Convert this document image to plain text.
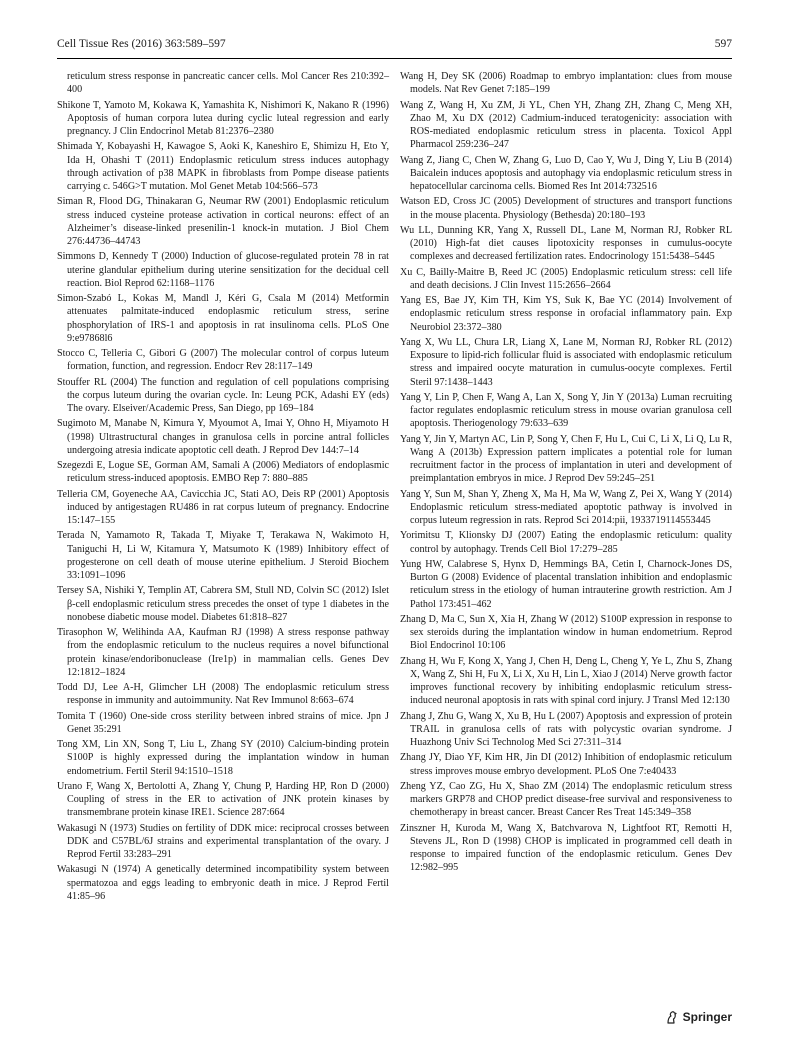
Cell Tissue Res (2016) 363:589–597	597

reticulum stress response in pancreatic cancer cells. Mol Cancer Res 210:392–400

Shikone T, Yamoto M, Kokawa K, Yamashita K, Nishimori K, Nakano R (1996) Apoptosis of human corpora lutea during cyclic luteal regression and early pregnancy. J Clin Endocrinol Metab 81:2376–2380

Shimada Y, Kobayashi H, Kawagoe S, Aoki K, Kaneshiro E, Shimizu H, Eto Y, Ida H, Ohashi T (2011) Endoplasmic reticulum stress induces autophagy through activation of p38 MAPK in fibroblasts from Pompe disease patients carrying c. 546G>T mutation. Mol Genet Metab 104:566–573

Siman R, Flood DG, Thinakaran G, Neumar RW (2001) Endoplasmic reticulum stress induced cysteine protease activation in cortical neurons: effect of an Alzheimer’s disease-linked presenilin-1 knock-in mutation. J Biol Chem 276:44736–44743

Simmons D, Kennedy T (2000) Induction of glucose-regulated protein 78 in rat uterine glandular epithelium during uterine sensitization for the decidual cell reaction. Biol Reprod 62:1168–1176

Simon-Szabó L, Kokas M, Mandl J, Kéri G, Csala M (2014) Metformin attenuates palmitate-induced endoplasmic reticulum stress, serine phosphorylation of IRS-1 and apoptosis in rat insulinoma cells. PLoS One 9:e97868l6

Stocco C, Telleria C, Gibori G (2007) The molecular control of corpus luteum formation, function, and regression. Endocr Rev 28:117–149

Stouffer RL (2004) The function and regulation of cell populations comprising the corpus luteum during the ovarian cycle. In: Leung PCK, Adashi EY (eds) The ovary. Elseiver/Academic Press, San Diego, pp 169–184

Sugimoto M, Manabe N, Kimura Y, Myoumot A, Imai Y, Ohno H, Miyamoto H (1998) Ultrastructural changes in granulosa cells in porcine antral follicles undergoing atresia indicate apoptotic cell death. J Reprod Dev 144:7–14

Szegezdi E, Logue SE, Gorman AM, Samali A (2006) Mediators of endoplasmic reticulum stress-induced apoptosis. EMBO Rep 7: 880–885

Telleria CM, Goyeneche AA, Cavicchia JC, Stati AO, Deis RP (2001) Apoptosis induced by antigestagen RU486 in rat corpus luteum of pregnancy. Endocrine 15:147–155

Terada N, Yamamoto R, Takada T, Miyake T, Terakawa N, Wakimoto H, Taniguchi H, Li W, Kitamura Y, Matsumoto K (1989) Inhibitory effect of progesterone on cell death of mouse uterine epithelium. J Steroid Biochem 33:1091–1096

Tersey SA, Nishiki Y, Templin AT, Cabrera SM, Stull ND, Colvin SC (2012) Islet β-cell endoplasmic reticulum stress precedes the onset of type 1 diabetes in the nonobese diabetic mouse model. Diabetes 61:818–827

Tirasophon W, Welihinda AA, Kaufman RJ (1998) A stress response pathway from the endoplasmic reticulum to the nucleus requires a novel bifunctional protein kinase/endoribonuclease (Ire1p) in mammalian cells. Genes Dev 12:1812–1824

Todd DJ, Lee A-H, Glimcher LH (2008) The endoplasmic reticulum stress response in immunity and autoimmunity. Nat Rev Immunol 8:663–674

Tomita T (1960) One-side cross sterility between inbred strains of mice. Jpn J Genet 35:291

Tong XM, Lin XN, Song T, Liu L, Zhang SY (2010) Calcium-binding protein S100P is highly expressed during the implantation window in human endometrium. Fertil Steril 94:1510–1518

Urano F, Wang X, Bertolotti A, Zhang Y, Chung P, Harding HP, Ron D (2000) Coupling of stress in the ER to activation of JNK protein kinases by transmembrane protein kinase IRE1. Science 287:664

Wakasugi N (1973) Studies on fertility of DDK mice: reciprocal crosses between DDK and C57BL/6J strains and experimental transplantation of the ovary. J Reprod Fertil 33:283–291

Wakasugi N (1974) A genetically determined incompatibility system between spermatozoa and eggs leading to embryonic death in mice. J Reprod Fertil 41:85–96

Wang H, Dey SK (2006) Roadmap to embryo implantation: clues from mouse models. Nat Rev Genet 7:185–199

Wang Z, Wang H, Xu ZM, Ji YL, Chen YH, Zhang ZH, Zhang C, Meng XH, Zhao M, Xu DX (2012) Cadmium-induced teratogenicity: association with ROS-mediated endoplasmic reticulum stress in placenta. Toxicol Appl Pharmacol 259:236–247

Wang Z, Jiang C, Chen W, Zhang G, Luo D, Cao Y, Wu J, Ding Y, Liu B (2014) Baicalein induces apoptosis and autophagy via endoplasmic reticulum stress in hepatocellular carcinoma cells. Biomed Res Int 2014:732516

Watson ED, Cross JC (2005) Development of structures and transport functions in the mouse placenta. Physiology (Bethesda) 20:180–193

Wu LL, Dunning KR, Yang X, Russell DL, Lane M, Norman RJ, Robker RL (2010) High-fat diet causes lipotoxicity responses in cumulus-oocyte complexes and decreased fertilization rates. Endocrinology 151:5438–5445

Xu C, Bailly-Maitre B, Reed JC (2005) Endoplasmic reticulum stress: cell life and death decisions. J Clin Invest 115:2656–2664

Yang ES, Bae JY, Kim TH, Kim YS, Suk K, Bae YC (2014) Involvement of endoplasmic reticulum stress response in orofacial inflammatory pain. Exp Neurobiol 23:372–380

Yang X, Wu LL, Chura LR, Liang X, Lane M, Norman RJ, Robker RL (2012) Exposure to lipid-rich follicular fluid is associated with endoplasmic reticulum stress and impaired oocyte maturation in cumulus-oocyte complexes. Fertil Steril 97:1438–1443

Yang Y, Lin P, Chen F, Wang A, Lan X, Song Y, Jin Y (2013a) Luman recruiting factor regulates endoplasmic reticulum stress in mouse ovarian granulosa cell apoptosis. Theriogenology 79:633–639

Yang Y, Jin Y, Martyn AC, Lin P, Song Y, Chen F, Hu L, Cui C, Li X, Li Q, Lu R, Wang A (2013b) Expression pattern implicates a potential role for luman recruitment factor in the process of implantation in uteri and development of preimplantation embryos in mice. J Reprod Dev 59:245–251

Yang Y, Sun M, Shan Y, Zheng X, Ma H, Ma W, Wang Z, Pei X, Wang Y (2014) Endoplasmic reticulum stress-mediated apoptotic pathway is involved in corpus luteum regression in rats. Reprod Sci 2014:pii, 1933719114553445

Yorimitsu T, Klionsky DJ (2007) Eating the endoplasmic reticulum: quality control by autophagy. Trends Cell Biol 17:279–285

Yung HW, Calabrese S, Hynx D, Hemmings BA, Cetin I, Charnock-Jones DS, Burton G (2008) Evidence of placental translation inhibition and endoplasmic reticulum stress in the etiology of human intrauterine growth restriction. Am J Pathol 173:451–462

Zhang D, Ma C, Sun X, Xia H, Zhang W (2012) S100P expression in response to sex steroids during the implantation window in human endometrium. Reprod Biol Endocrinol 10:106

Zhang H, Wu F, Kong X, Yang J, Chen H, Deng L, Cheng Y, Ye L, Zhu S, Zhang X, Wang Z, Shi H, Fu X, Li X, Xu H, Lin L, Xiao J (2014) Nerve growth factor improves functional recovery by inhibiting endoplasmic reticulum stress-induced neuronal apoptosis in rats with spinal cord injury. J Transl Med 12:130

Zhang J, Zhu G, Wang X, Xu B, Hu L (2007) Apoptosis and expression of protein TRAIL in granulosa cells of rats with polycystic ovarian syndrome. J Huazhong Univ Sci Technolog Med Sci 27:311–314

Zhang JY, Diao YF, Kim HR, Jin DI (2012) Inhibition of endoplasmic reticulum stress improves mouse embryo development. PLoS One 7:e40433

Zheng YZ, Cao ZG, Hu X, Shao ZM (2014) The endoplasmic reticulum stress markers GRP78 and CHOP predict disease-free survival and responsiveness to chemotherapy in breast cancer. Breast Cancer Res Treat 145:349–358

Zinszner H, Kuroda M, Wang X, Batchvarova N, Lightfoot RT, Remotti H, Stevens JL, Ron D (1998) CHOP is implicated in programmed cell death in response to impaired function of the endoplasmic reticulum. Genes Dev 12:982–995

Springer
